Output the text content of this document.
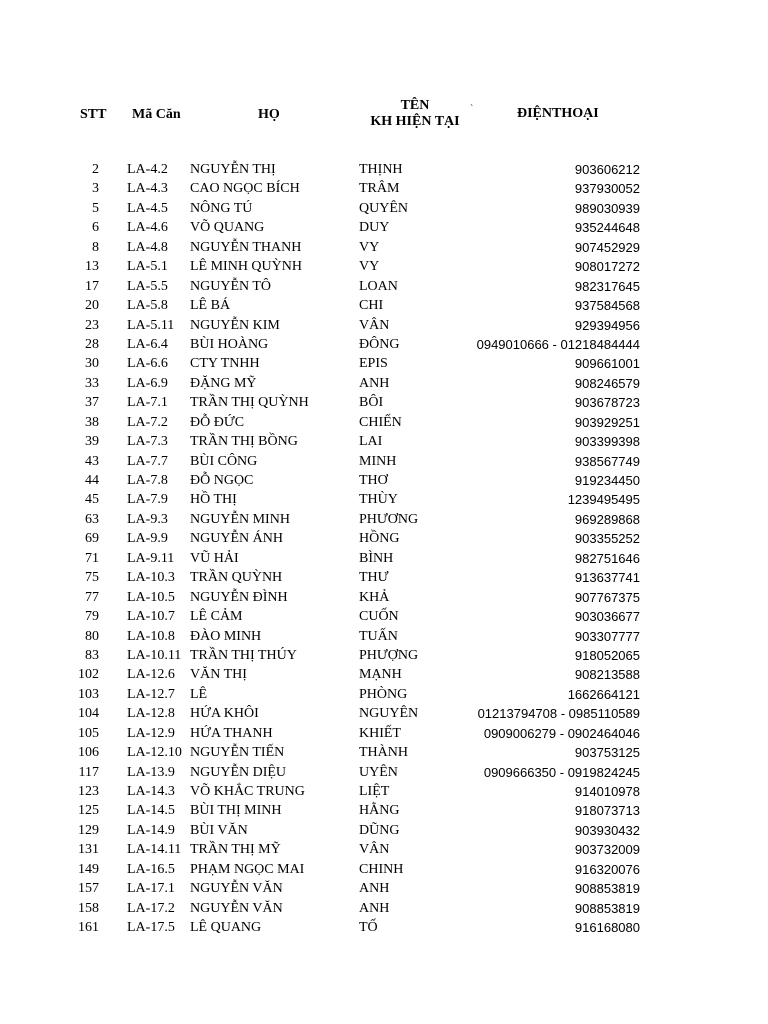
STT Mã Căn	HỌ
TÊN
KH HIỆN TẠI
`	ĐIỆNTHOẠI
2 LA-4.2 NGUYỄN THỊ	THỊNH	903606212
3 LA-4.3 CAO NGỌC BÍCH	TRÂM	937930052
5 LA-4.5 NÔNG TÚ	QUYÊN	989030939
6 LA-4.6 VÕ QUANG	DUY	935244648
8 LA-4.8 NGUYỄN THANH	VY	907452929
13 LA-5.1 LÊ MINH QUỲNH	VY	908017272
17 LA-5.5 NGUYỄN TÔ	LOAN	982317645
20 LA-5.8 LÊ BÁ	CHI	937584568
23 LA-5.11 NGUYỄN KIM	VÂN	929394956
28 LA-6.4 BÙI HOÀNG	ĐÔNG	0949010666 - 01218484444
30 LA-6.6 CTY TNHH	EPIS	909661001
33 LA-6.9 ĐẶNG MỸ	ANH	908246579
37 LA-7.1 TRẦN THỊ QUỲNH	BÔI	903678723
38 LA-7.2 ĐỖ ĐỨC	CHIẾN	903929251
39 LA-7.3 TRẦN THỊ BỒNG	LAI	903399398
43 LA-7.7 BÙI CÔNG	MINH	938567749
44 LA-7.8 ĐỖ NGỌC	THƠ	919234450
45 LA-7.9 HỒ THỊ	THÙY	1239495495
63 LA-9.3 NGUYỄN MINH	PHƯƠNG	969289868
69 LA-9.9 NGUYỄN ÁNH	HỒNG	903355252
71 LA-9.11 VŨ HẢI	BÌNH	982751646
75 LA-10.3 TRẦN QUỲNH	THƯ	913637741
77 LA-10.5 NGUYỄN ĐÌNH	KHẢ	907767375
79 LA-10.7 LÊ CẢM	CUỐN	903036677
80 LA-10.8 ĐÀO MINH	TUẤN	903307777
83 LA-10.11 TRẦN THỊ THÚY	PHƯỢNG	918052065
102 LA-12.6 VĂN THỊ	MẠNH	908213588
103 LA-12.7 LÊ	PHÒNG	1662664121
104 LA-12.8 HỨA KHÔI	NGUYÊN	01213794708 - 0985110589
105 LA-12.9 HỨA THANH	KHIẾT	0909006279 - 0902464046
106 LA-12.10 NGUYỄN TIẾN	THÀNH	903753125
117 LA-13.9 NGUYỄN DIỆU	UYÊN	0909666350 - 0919824245
123 LA-14.3 VÕ KHẮC TRUNG	LIỆT	914010978
125 LA-14.5 BÙI THỊ MINH	HẰNG	918073713
129 LA-14.9 BÙI VĂN	DŨNG	903930432
131 LA-14.11 TRẦN THỊ MỸ	VÂN	903732009
149 LA-16.5 PHẠM NGỌC MAI	CHINH	916320076
157 LA-17.1 NGUYỄN VĂN	ANH	908853819
158 LA-17.2 NGUYỄN VĂN	ANH	908853819
161 LA-17.5 LÊ QUANG	TỐ	916168080
